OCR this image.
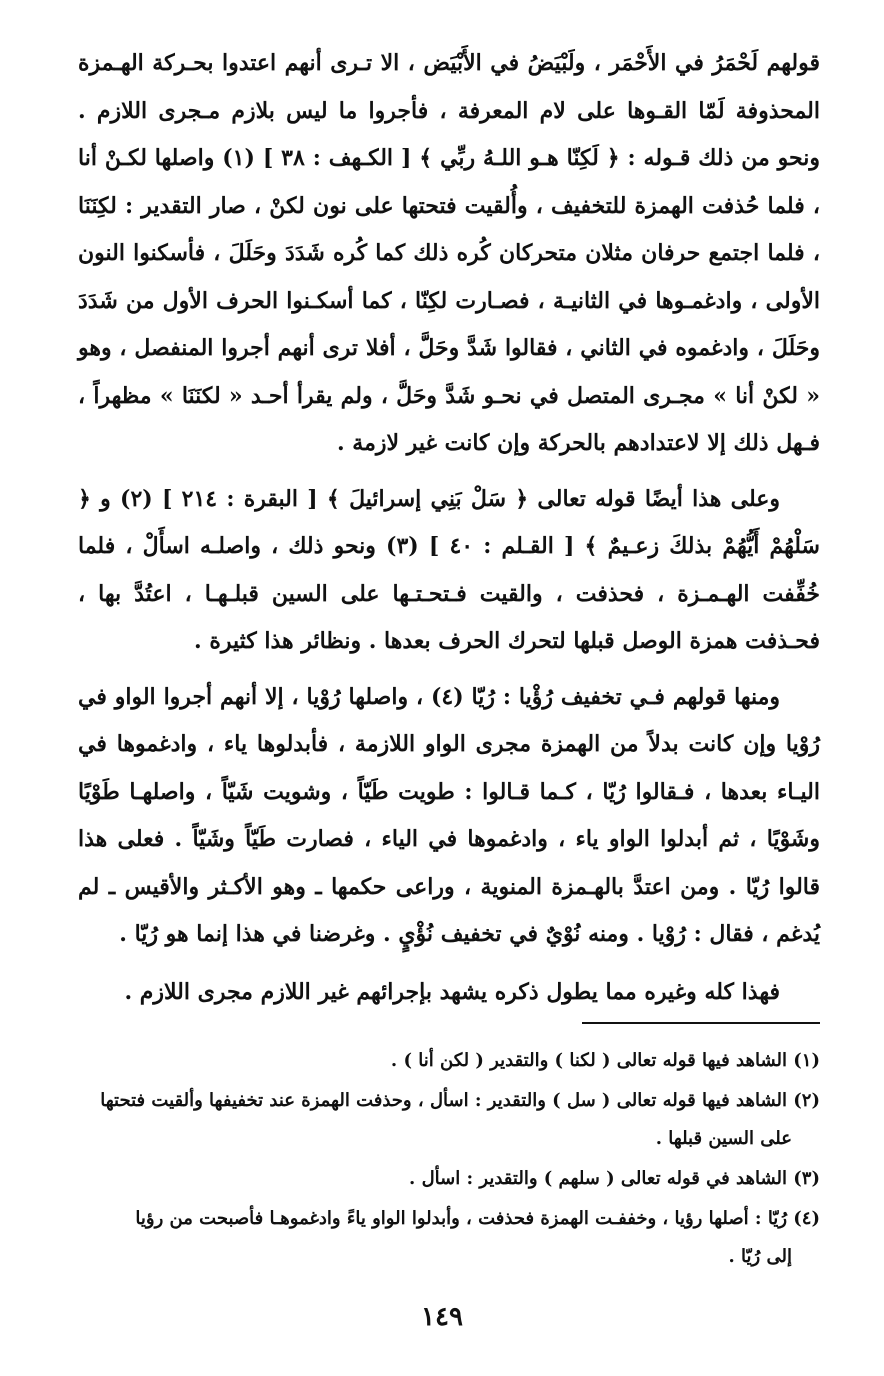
قولهم لَحْمَرُ في الأَحْمَر ، ولَبْيَضُ في الأَبْيَض ، الا تـرى أنهم اعتدوا بحـركة الهـمزة المحذوفة لَمّا القـوها على لام المعرفة ، فأجروا ما ليس بلازم مـجرى اللازم . ونحو من ذلك قـوله : ﴿ لَكِنّا هـو اللـهُ ربِّي ﴾ [ الكـهف : ٣٨ ] (١) واصلها لكـنْ أنا ، فلما حُذفت الهمزة للتخفيف ، وأُلقيت فتحتها على نون لكنْ ، صار التقدير : لكِنَنَا ، فلما اجتمع حرفان مثلان متحركان كُره ذلك كما كُره شَدَدَ وحَلَلَ ، فأسكنوا النون الأولى ، وادغمـوها في الثانيـة ، فصـارت لكِنّا ، كما أسكـنوا الحرف الأول من شَدَدَ وحَلَلَ ، وادغموه في الثاني ، فقالوا شَدَّ وحَلَّ ، أفلا ترى أنهم أجروا المنفصل ، وهو « لكنْ أنا » مجـرى المتصل في نحـو شَدَّ وحَلَّ ، ولم يقرأ أحـد « لكنَنَا » مظهراً ، فـهل ذلك إلا لاعتدادهم بالحركة وإن كانت غير لازمة .

وعلى هذا أيضًا قوله تعالى ﴿ سَلْ بَنِي إسرائيلَ ﴾ [ البقرة : ٢١٤ ] (٢) و ﴿ سَلْهُمْ أَيُّهُمْ بذلكَ زعـيمٌ ﴾ [ القـلم : ٤٠ ] (٣) ونحو ذلك ، واصلـه اسأَلْ ، فلما خُفِّفت الهـمـزة ، فحذفت ، والقيت فـتحـتـها على السين قبلـهـا ، اعتُدَّ بها ، فحـذفت همزة الوصل قبلها لتحرك الحرف بعدها . ونظائر هذا كثيرة .

ومنها قولهم فـي تخفيف رُؤْيا : رُيّا (٤) ، واصلها رُوْيا ، إلا أنهم أجروا الواو في رُوْيا وإن كانت بدلاً من الهمزة مجرى الواو اللازمة ، فأبدلوها ياء ، وادغموها في اليـاء بعدها ، فـقالوا رُيّا ، كـما قـالوا : طويت طَيّاً ، وشويت شَيّاً ، واصلهـا طَوْيًا وشَوْيًا ، ثم أبدلوا الواو ياء ، وادغموها في الياء ، فصارت طَيّاً وشَيّاً . فعلى هذا قالوا رُيّا . ومن اعتدَّ بالهـمزة المنوية ، وراعى حكمها ـ وهو الأكـثر والأقيس ـ لم يُدغم ، فقال : رُوْيا . ومنه نُوْيٌ في تخفيف نُؤْيٍ . وغرضنا في هذا إنما هو رُيّا .

فهذا كله وغيره مما يطول ذكره يشهد بإجرائهم غير اللازم مجرى اللازم .

(١) الشاهد فيها قوله تعالى ( لكنا ) والتقدير ( لكن أنا ) .

(٢) الشاهد فيها قوله تعالى ( سل ) والتقدير : اسأل ، وحذفت الهمزة عند تخفيفها وألقيت فتحتها
على السين قبلها .

(٣) الشاهد في قوله تعالى ( سلهم ) والتقدير : اسأل .

(٤) رُيّا : أصلها رؤيا ، وخففـت الهمزة فحذفت ، وأبدلوا الواو ياءً وادغموهـا فأصبحت من رؤيا
إلى رُيّا .

١٤٩
